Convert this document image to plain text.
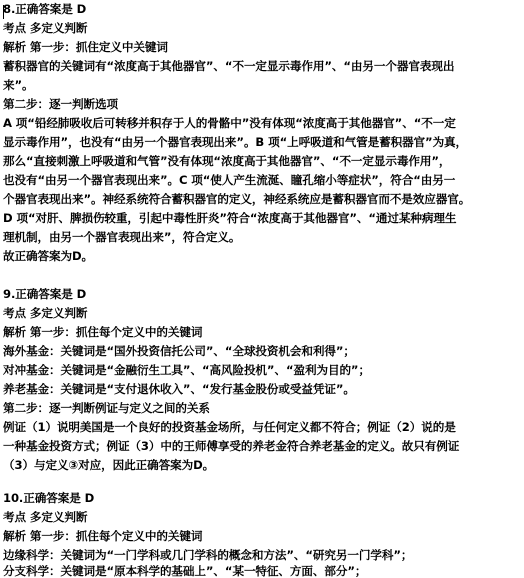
8.正确答案是 D
考点 多定义判断
解析 第一步：抓住定义中关键词
蓄积器官的关键词有“浓度高于其他器官”、“不一定显示毒作用”、“由另一个器官表现出
来”。
第二步：逐一判断选项
A 项“铅经肺吸收后可转移并积存于人的骨骼中”没有体现“浓度高于其他器官”、“不一定
显示毒作用”，也没有“由另一个器官表现出来”。B 项“上呼吸道和气管是蓄积器官”为真，
那么“直接刺激上呼吸道和气管”没有体现“浓度高于其他器官”、“不一定显示毒作用”，
也没有“由另一个器官表现出来”。C 项“使人产生流涎、瞳孔缩小等症状”，符合“由另一
个器官表现出来”。神经系统符合蓄积器官的定义，神经系统应是蓄积器官而不是效应器官。
D 项“对肝、脾损伤较重，引起中毒性肝炎”符合“浓度高于其他器官”、“通过某种病理生
理机制，由另一个器官表现出来”，符合定义。
故正确答案为D。
9.正确答案是 D
考点 多定义判断
解析 第一步：抓住每个定义中的关键词
海外基金：关键词是“国外投资信托公司”、“全球投资机会和利得”；
对冲基金：关键词是“金融衍生工具”、“高风险投机”、“盈利为目的”；
养老基金：关键词是“支付退休收入”、“发行基金股份或受益凭证”。
第二步：逐一判断例证与定义之间的关系
例证（1）说明美国是一个良好的投资基金场所，与任何定义都不符合；例证（2）说的是
一种基金投资方式；例证（3）中的王师傅享受的养老金符合养老基金的定义。故只有例证
（3）与定义③对应，因此正确答案为D。
10.正确答案是 D
考点 多定义判断
解析 第一步：抓住每个定义中的关键词
边缘科学：关键词为“一门学科或几门学科的概念和方法”、“研究另一门学科”；
分支科学：关键词是“原本科学的基础上”、“某一特征、方面、部分”；
